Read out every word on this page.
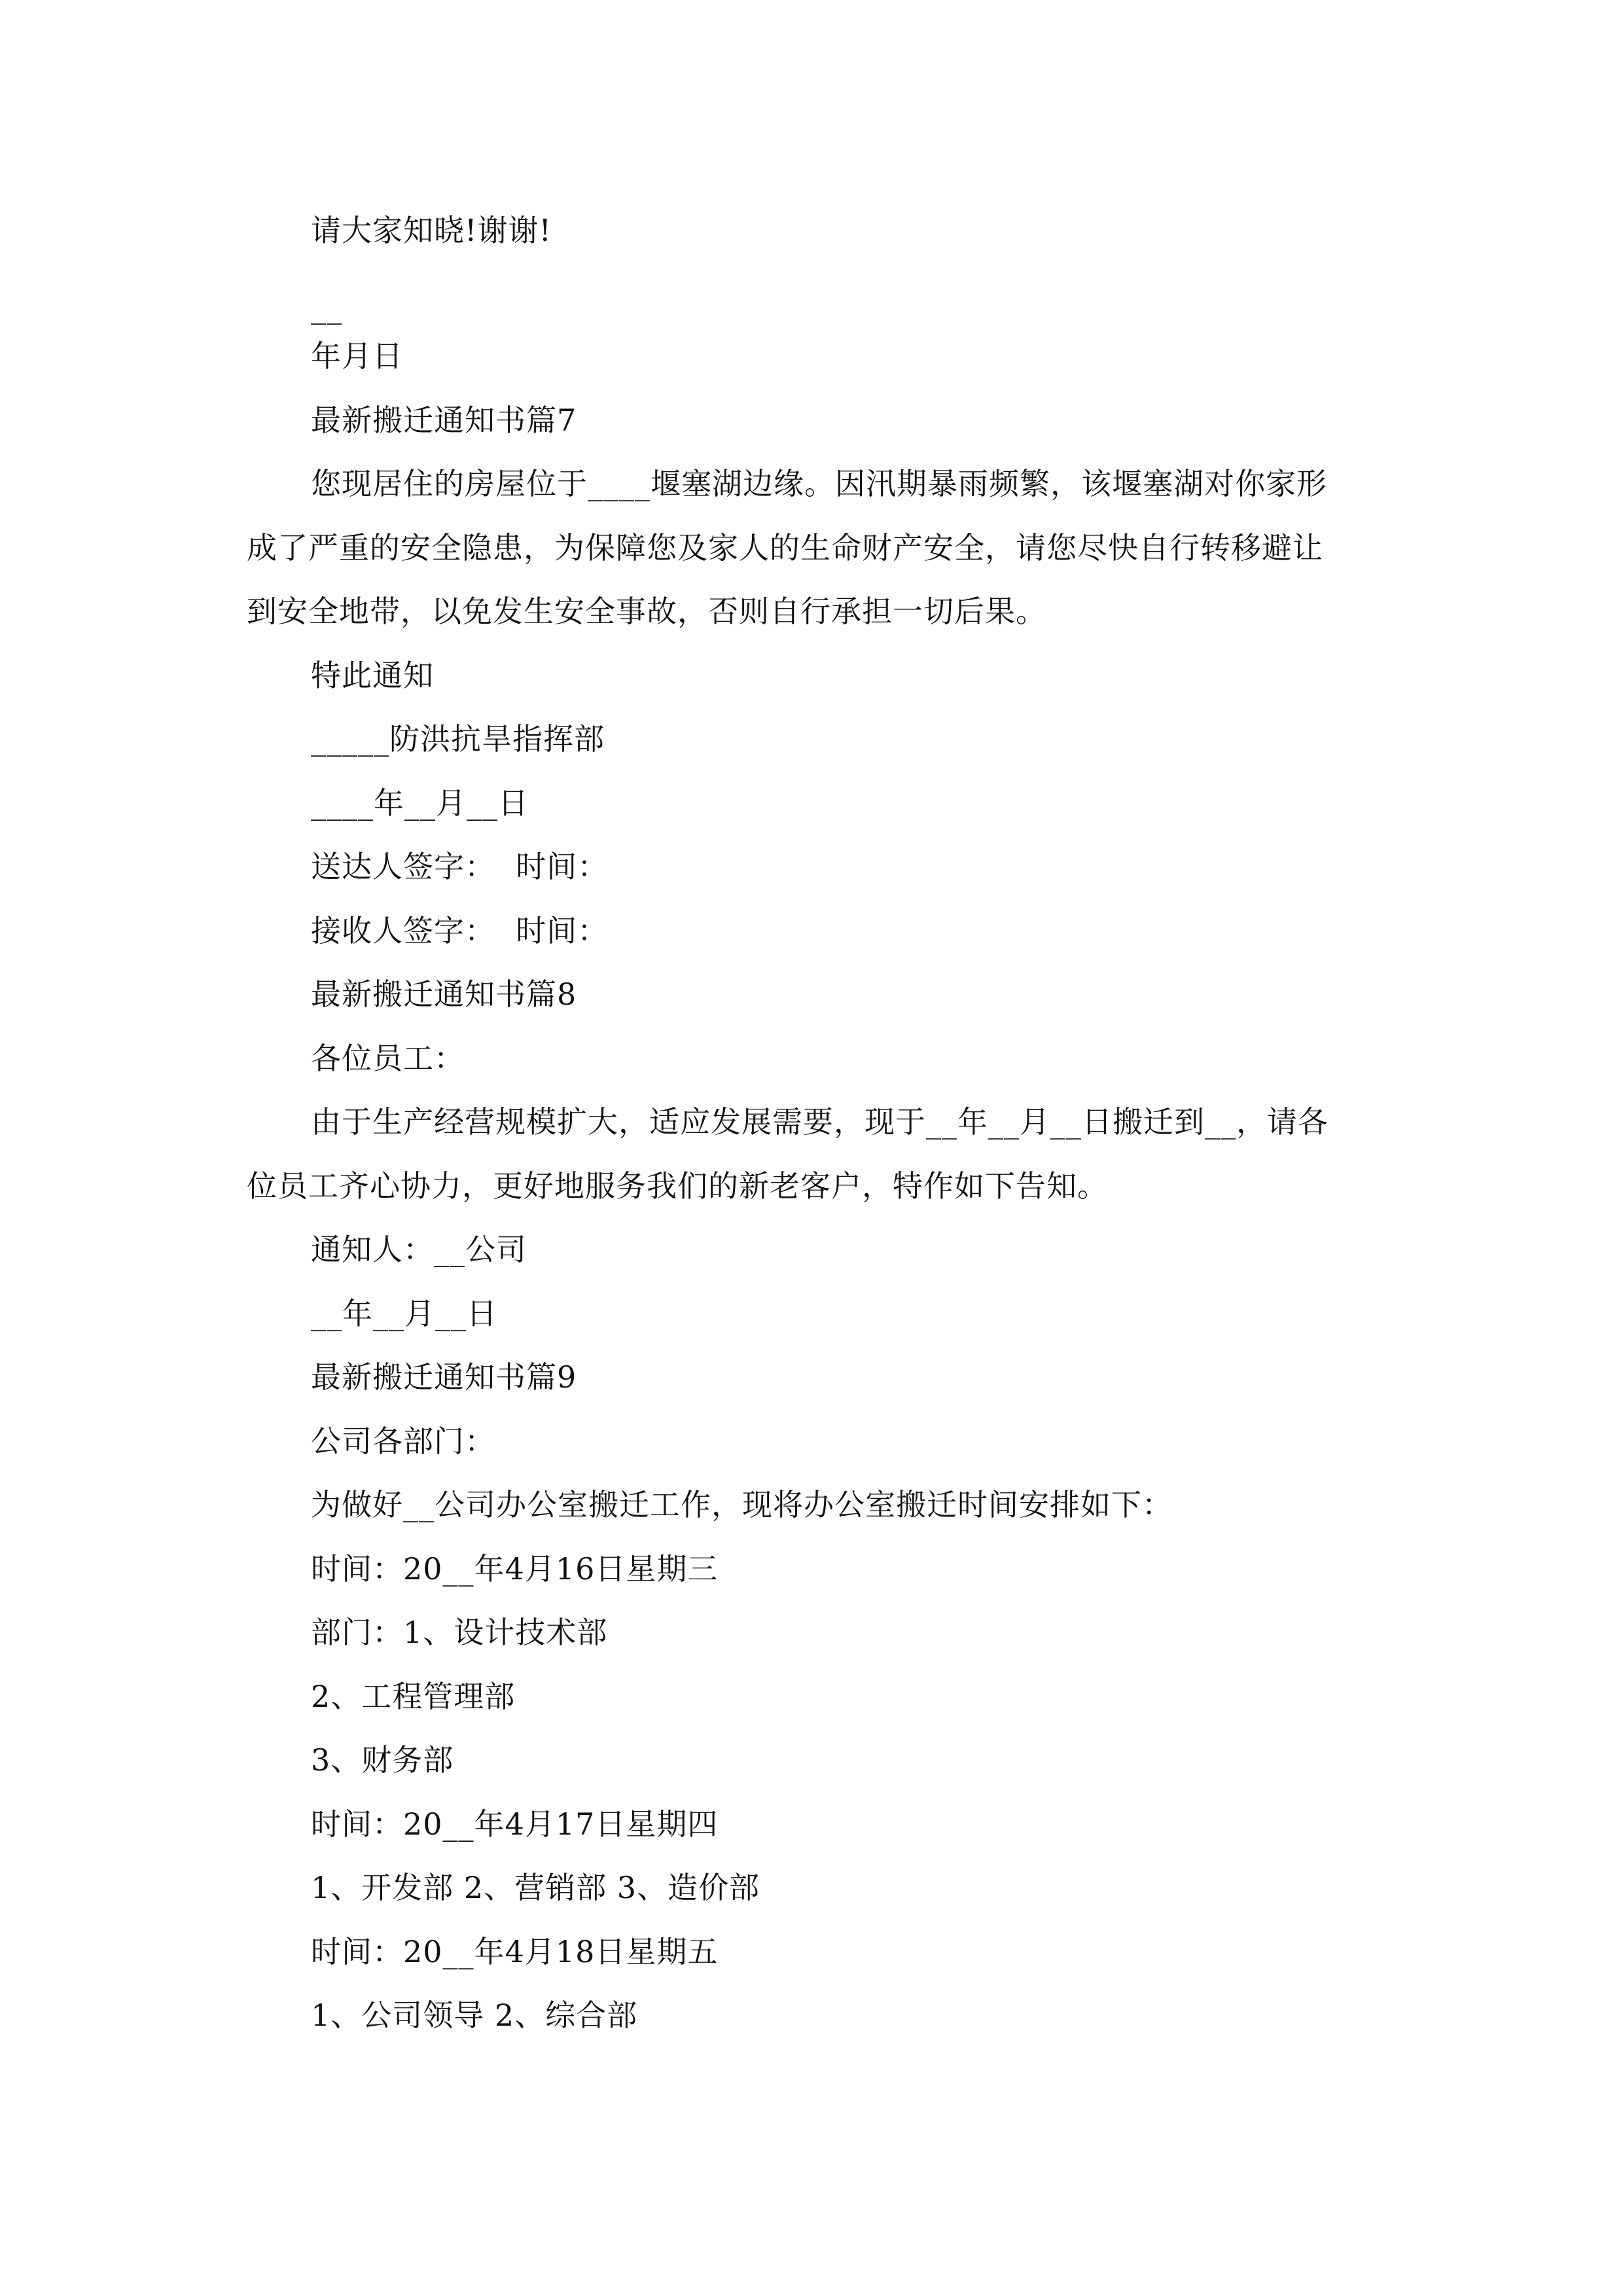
请大家知晓!谢谢!
__
年月日
最新搬迁通知书篇7
您现居住的房屋位于____堰塞湖边缘。因汛期暴雨频繁，该堰塞湖对你家形
成了严重的安全隐患，为保障您及家人的生命财产安全，请您尽快自行转移避让
到安全地带，以免发生安全事故，否则自行承担一切后果。
特此通知
_____防洪抗旱指挥部
____年__月__日
送达人签字：  时间：
接收人签字：  时间：
最新搬迁通知书篇8
各位员工：
由于生产经营规模扩大，适应发展需要，现于__年__月__日搬迁到__，请各
位员工齐心协力，更好地服务我们的新老客户，特作如下告知。
通知人：__公司
__年__月__日
最新搬迁通知书篇9
公司各部门：
为做好__公司办公室搬迁工作，现将办公室搬迁时间安排如下：
时间：20__年4月16日星期三
部门：1、设计技术部
2、工程管理部
3、财务部
时间：20__年4月17日星期四
1、开发部 2、营销部 3、造价部
时间：20__年4月18日星期五
1、公司领导 2、综合部
